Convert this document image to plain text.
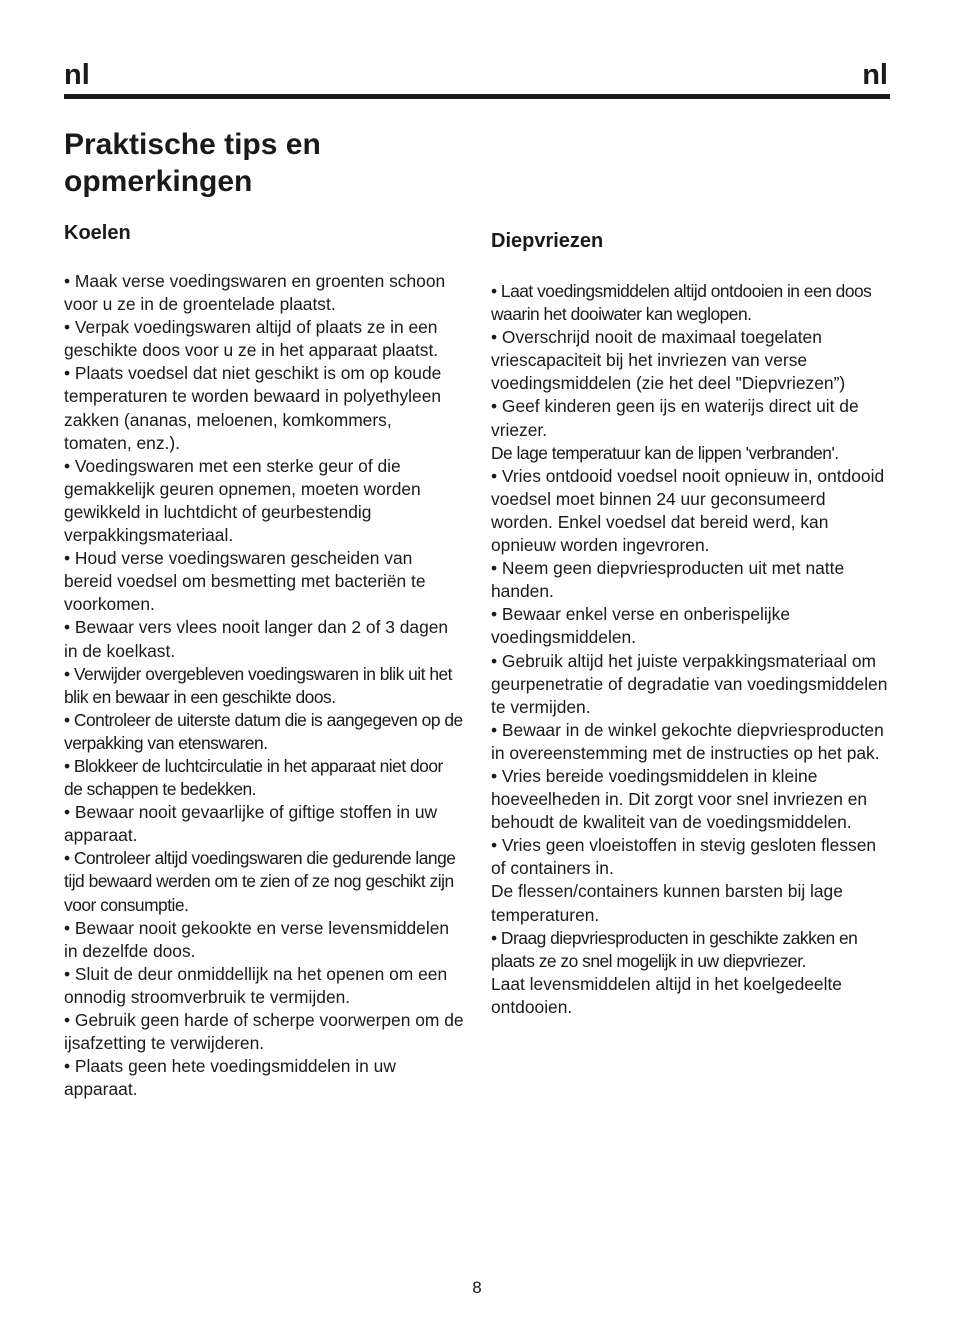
nl	nl
Praktische tips en opmerkingen
Koelen
• Maak verse voedingswaren en groenten schoon voor u ze in de groentelade plaatst.
• Verpak voedingswaren altijd of plaats ze in een geschikte doos voor u ze in het apparaat plaatst.
• Plaats voedsel dat niet geschikt is om op koude temperaturen te worden bewaard in polyethyleen zakken (ananas, meloenen, komkommers, tomaten, enz.).
• Voedingswaren met een sterke geur of die gemakkelijk geuren opnemen, moeten worden gewikkeld in luchtdicht of geurbestendig verpakkingsmateriaal.
• Houd verse voedingswaren gescheiden van bereid voedsel om besmetting met bacteriën te voorkomen.
• Bewaar vers vlees nooit langer dan 2 of 3 dagen in de koelkast.
• Verwijder overgebleven voedingswaren in blik uit het blik en bewaar in een geschikte doos.
• Controleer de uiterste datum die is aangegeven op de verpakking van etenswaren.
• Blokkeer de luchtcirculatie in het apparaat niet door de schappen te bedekken.
• Bewaar nooit gevaarlijke of giftige stoffen in uw apparaat.
• Controleer altijd voedingswaren die gedurende lange tijd bewaard werden om te zien of ze nog geschikt zijn voor consumptie.
• Bewaar nooit gekookte en verse levensmiddelen in dezelfde doos.
• Sluit de deur onmiddellijk na het openen om een onnodig stroomverbruik te vermijden.
• Gebruik geen harde of scherpe voorwerpen om de ijsafzetting te verwijderen.
• Plaats geen hete voedingsmiddelen in uw apparaat.
Diepvriezen
• Laat voedingsmiddelen altijd ontdooien in een doos waarin het dooiwater kan weglopen.
• Overschrijd nooit de maximaal toegelaten vriescapaciteit bij het invriezen van verse voedingsmiddelen (zie het deel "Diepvriezen”)
• Geef kinderen geen ijs en waterijs direct uit de vriezer.
De lage temperatuur kan de lippen 'verbranden'.
• Vries ontdooid voedsel nooit opnieuw in, ontdooid voedsel moet binnen 24 uur geconsumeerd worden. Enkel voedsel dat bereid werd, kan opnieuw worden ingevroren.
• Neem geen diepvriesproducten uit met natte handen.
• Bewaar enkel verse en onberispelijke voedingsmiddelen.
• Gebruik altijd het juiste verpakkingsmateriaal om geurpenetratie of degradatie van voedingsmiddelen te vermijden.
• Bewaar in de winkel gekochte diepvriesproducten in overeenstemming met de instructies op het pak.
• Vries bereide voedingsmiddelen in kleine hoeveelheden in. Dit zorgt voor snel invriezen en behoudt de kwaliteit van de voedingsmiddelen.
• Vries geen vloeistoffen in stevig gesloten flessen of containers in.
De flessen/containers kunnen barsten bij lage temperaturen.
• Draag diepvriesproducten in geschikte zakken en plaats ze zo snel mogelijk in uw diepvriezer.
Laat levensmiddelen altijd in het koelgedeelte ontdooien.
8
